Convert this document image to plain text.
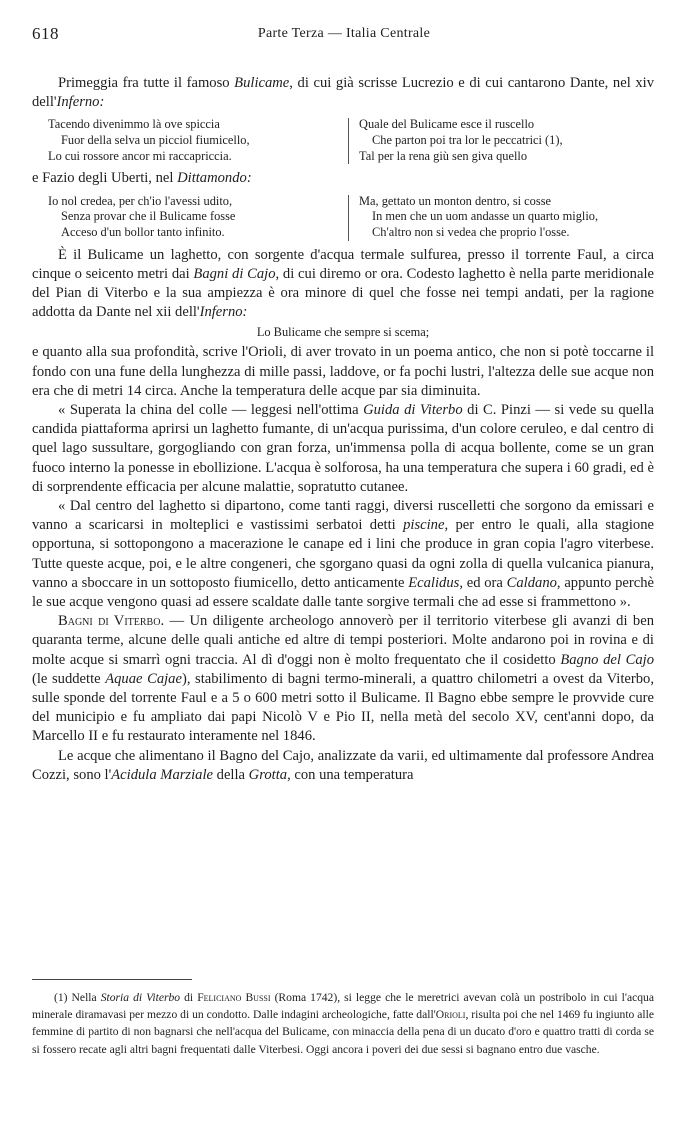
618	Parte Terza — Italia Centrale

Primeggia fra tutte il famoso Bulicame, di cui già scrisse Lucrezio e di cui cantarono Dante, nel xiv dell'Inferno:

Tacendo divenimmo là ove spiccia
Fuor della selva un picciol fiumicello,
Lo cui rossore ancor mi raccapriccia.
Quale del Bulicame esce il ruscello
Che parton poi tra lor le peccatrici (1),
Tal per la rena giù sen giva quello

e Fazio degli Uberti, nel Dittamondo:

Io nol credea, per ch'io l'avessi udito,
Senza provar che il Bulicame fosse
Acceso d'un bollor tanto infinito.
Ma, gettato un monton dentro, si cosse
In men che un uom andasse un quarto miglio,
Ch'altro non si vedea che proprio l'osse.

È il Bulicame un laghetto, con sorgente d'acqua termale sulfurea, presso il torrente Faul, a circa cinque o seicento metri dai Bagni di Cajo, di cui diremo or ora. Codesto laghetto è nella parte meridionale del Pian di Viterbo e la sua ampiezza è ora minore di quel che fosse nei tempi andati, per la ragione addotta da Dante nel xii dell'Inferno:

Lo Bulicame che sempre si scema;

e quanto alla sua profondità, scrive l'Orioli, di aver trovato in un poema antico, che non si potè toccarne il fondo con una fune della lunghezza di mille passi, laddove, or fa pochi lustri, l'altezza delle sue acque non era che di metri 14 circa. Anche la temperatura delle acque par sia diminuita.

« Superata la china del colle — leggesi nell'ottima Guida di Viterbo di C. Pinzi — si vede su quella candida piattaforma aprirsi un laghetto fumante, di un'acqua purissima, d'un colore ceruleo, e dal centro di quel lago sussultare, gorgogliando con gran forza, un'immensa polla di acqua bollente, come se un gran fuoco interno la ponesse in ebollizione. L'acqua è solforosa, ha una temperatura che supera i 60 gradi, ed è di sorprendente efficacia per alcune malattie, sopratutto cutanee.

« Dal centro del laghetto si dipartono, come tanti raggi, diversi ruscelletti che sorgono da emissari e vanno a scaricarsi in molteplici e vastissimi serbatoi detti piscine, per entro le quali, alla stagione opportuna, si sottopongono a macerazione le canape ed i lini che produce in gran copia l'agro viterbese. Tutte queste acque, poi, e le altre congeneri, che sgorgano quasi da ogni zolla di quella vulcanica pianura, vanno a sboccare in un sottoposto fiumicello, detto anticamente Ecalidus, ed ora Caldano, appunto perchè le sue acque vengono quasi ad essere scaldate dalle tante sorgive termali che ad esse si frammettono ».

Bagni di Viterbo. — Un diligente archeologo annoverò per il territorio viterbese gli avanzi di ben quaranta terme, alcune delle quali antiche ed altre di tempi posteriori. Molte andarono poi in rovina e di molte acque si smarrì ogni traccia. Al dì d'oggi non è molto frequentato che il cosidetto Bagno del Cajo (le suddette Aquae Cajae), stabilimento di bagni termo-minerali, a quattro chilometri a ovest da Viterbo, sulle sponde del torrente Faul e a 5 o 600 metri sotto il Bulicame. Il Bagno ebbe sempre le provvide cure del municipio e fu ampliato dai papi Nicolò V e Pio II, nella metà del secolo XV, cent'anni dopo, da Marcello II e fu restaurato interamente nel 1846.

Le acque che alimentano il Bagno del Cajo, analizzate da varii, ed ultimamente dal professore Andrea Cozzi, sono l'Acidula Marziale della Grotta, con una temperatura

(1) Nella Storia di Viterbo di Feliciano Bussi (Roma 1742), si legge che le meretrici avevan colà un postribolo in cui l'acqua minerale diramavasi per mezzo di un condotto. Dalle indagini archeologiche, fatte dall'Orioli, risulta poi che nel 1469 fu ingiunto alle femmine di partito di non bagnarsi che nell'acqua del Bulicame, con minaccia della pena di un ducato d'oro e quattro tratti di corda se si fossero recate agli altri bagni frequentati dalle Viterbesi. Oggi ancora i poveri dei due sessi si bagnano entro due vasche.
